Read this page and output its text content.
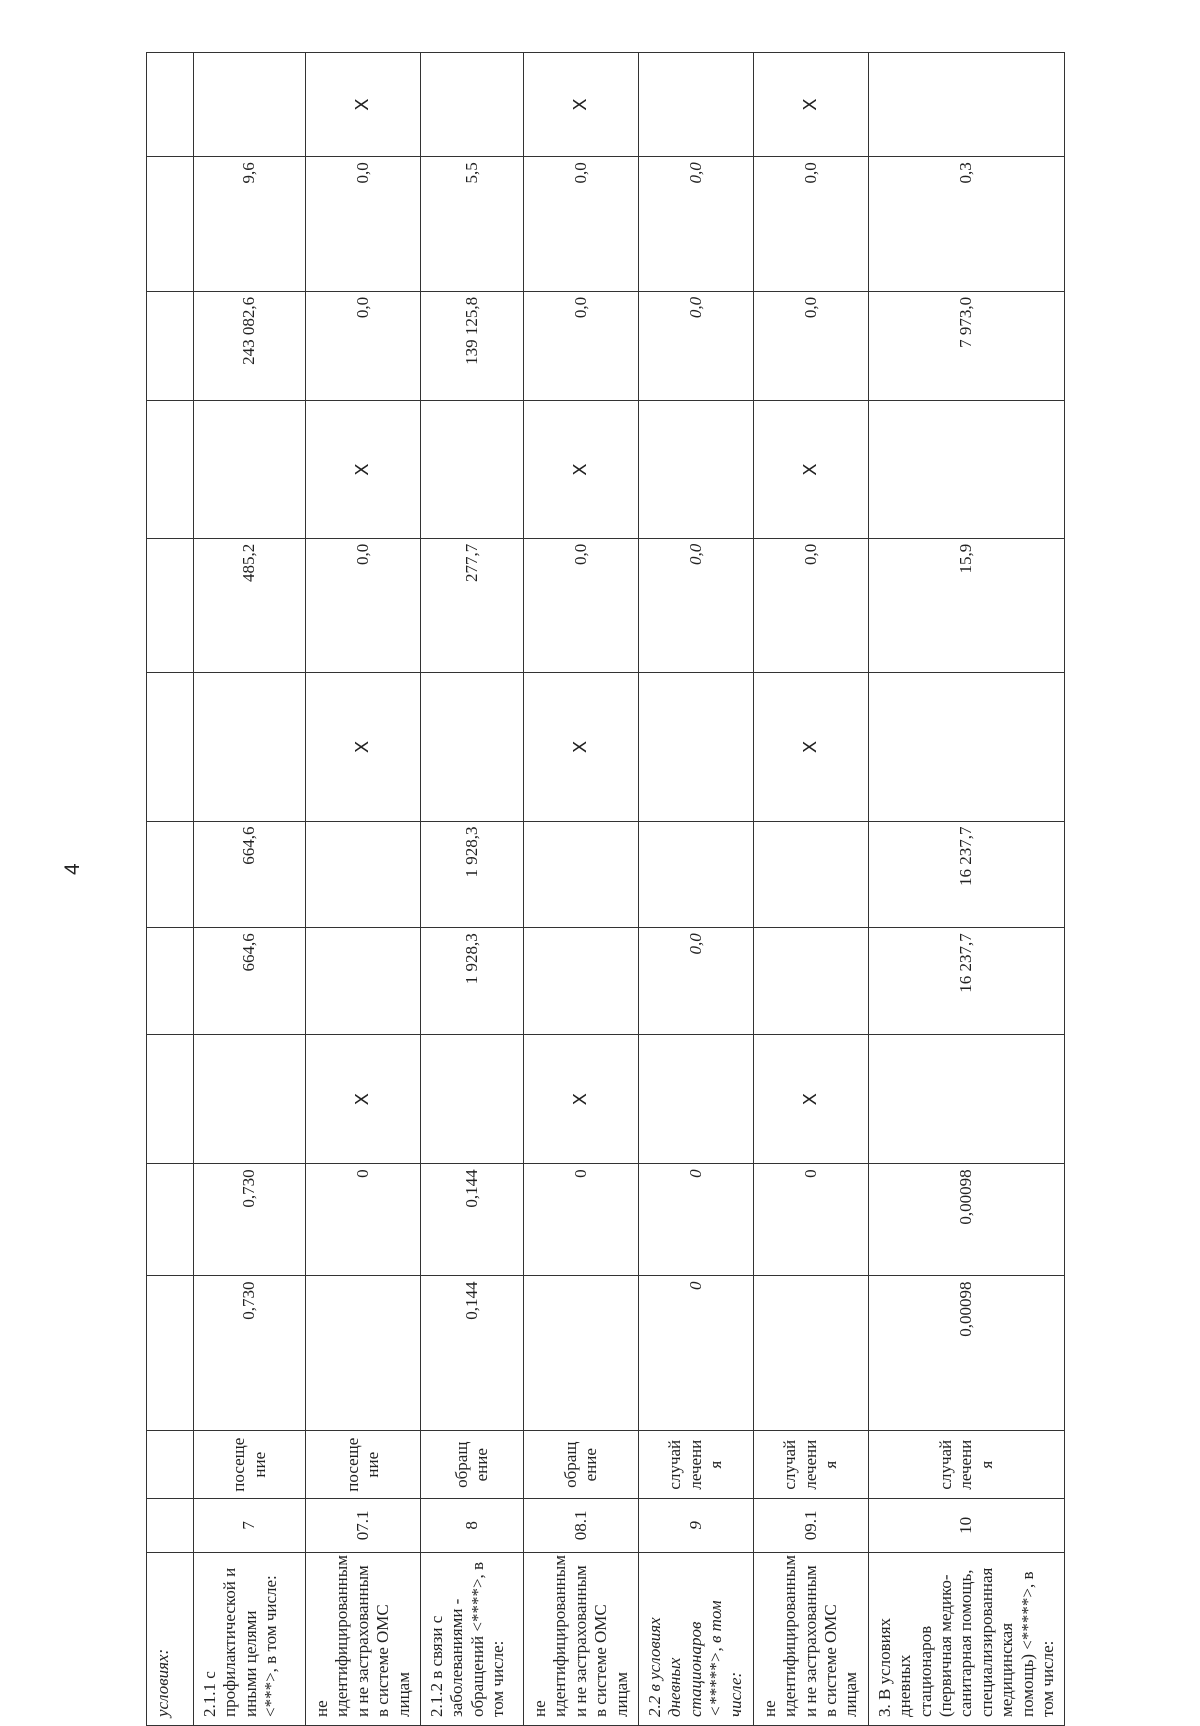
4
условиях:													
2.1.1 с профилактической и иными целями <***>, в том числе:	7	посеще ние	0,730	0,730		664,6	664,6		485,2		243 082,6	9,6	
не идентифицированным и не застрахованным в системе ОМС лицам	07.1	посеще ние		0	X			X	0,0	X	0,0	0,0	X
2.1.2 в связи с заболеваниями - обращений <****>, в том числе:	8	обращ ение	0,144	0,144		1 928,3	1 928,3		277,7		139 125,8	5,5	
не идентифицированным и не застрахованным в системе ОМС лицам	08.1	обращ ение		0	X			X	0,0	X	0,0	0,0	X
2.2 в условиях дневных стационаров <*****>, в том числе:	9	случай лечени я	0	0		0,0			0,0		0,0	0,0	
не идентифицированным и не застрахованным в системе ОМС лицам	09.1	случай лечени я		0	X			X	0,0	X	0,0	0,0	X
3. В условиях дневных стационаров (первичная медико-санитарная помощь, специализированная медицинская помощь) <*****>, в том числе:	10	случай лечени я	0,00098	0,00098		16 237,7	16 237,7		15,9		7 973,0	0,3	
